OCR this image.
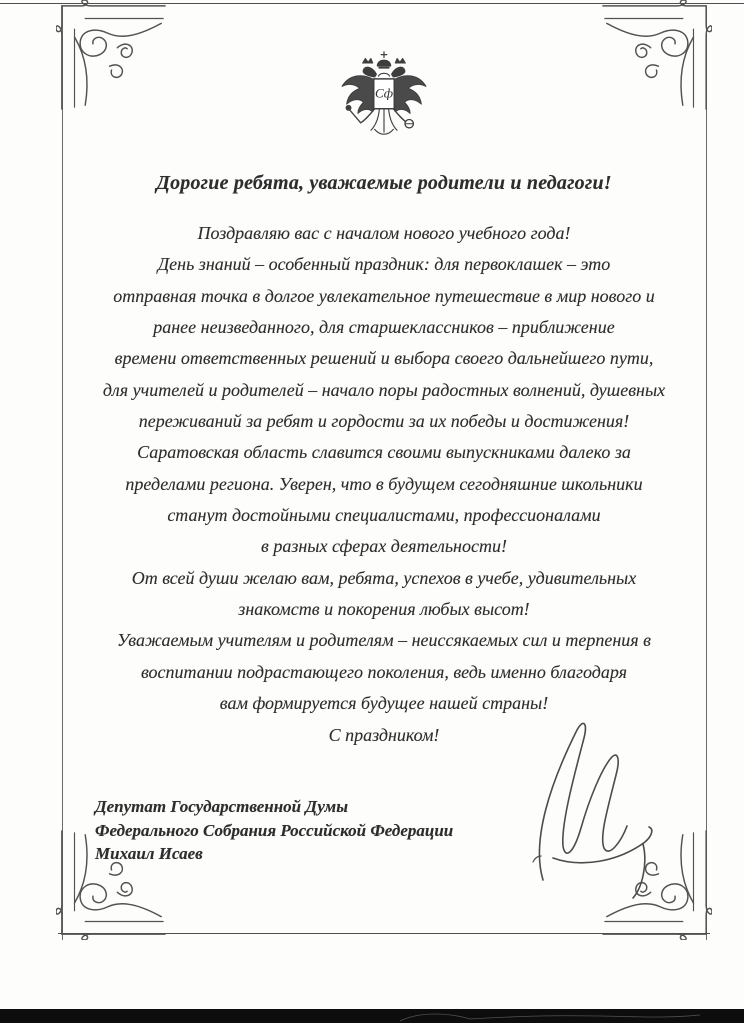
Сф
Дорогие ребята, уважаемые родители и педагоги!
Поздравляю вас с началом нового учебного года!
День знаний – особенный праздник: для первоклашек – это
отправная точка в долгое увлекательное путешествие в мир нового и
ранее неизведанного, для старшеклассников – приближение
времени ответственных решений и выбора своего дальнейшего пути,
для учителей и родителей – начало поры радостных волнений, душевных
переживаний за ребят и гордости за их победы и достижения!
Саратовская область славится своими выпускниками далеко за
пределами региона. Уверен, что в будущем сегодняшние школьники
станут достойными специалистами, профессионалами
в разных сферах деятельности!
От всей души желаю вам, ребята, успехов в учебе, удивительных
знакомств и покорения любых высот!
Уважаемым учителям и родителям – неиссякаемых сил и терпения в
воспитании подрастающего поколения, ведь именно благодаря
вам формируется будущее нашей страны!
С праздником!
Депутат Государственной Думы
Федерального Собрания Российской Федерации
Михаил Исаев
